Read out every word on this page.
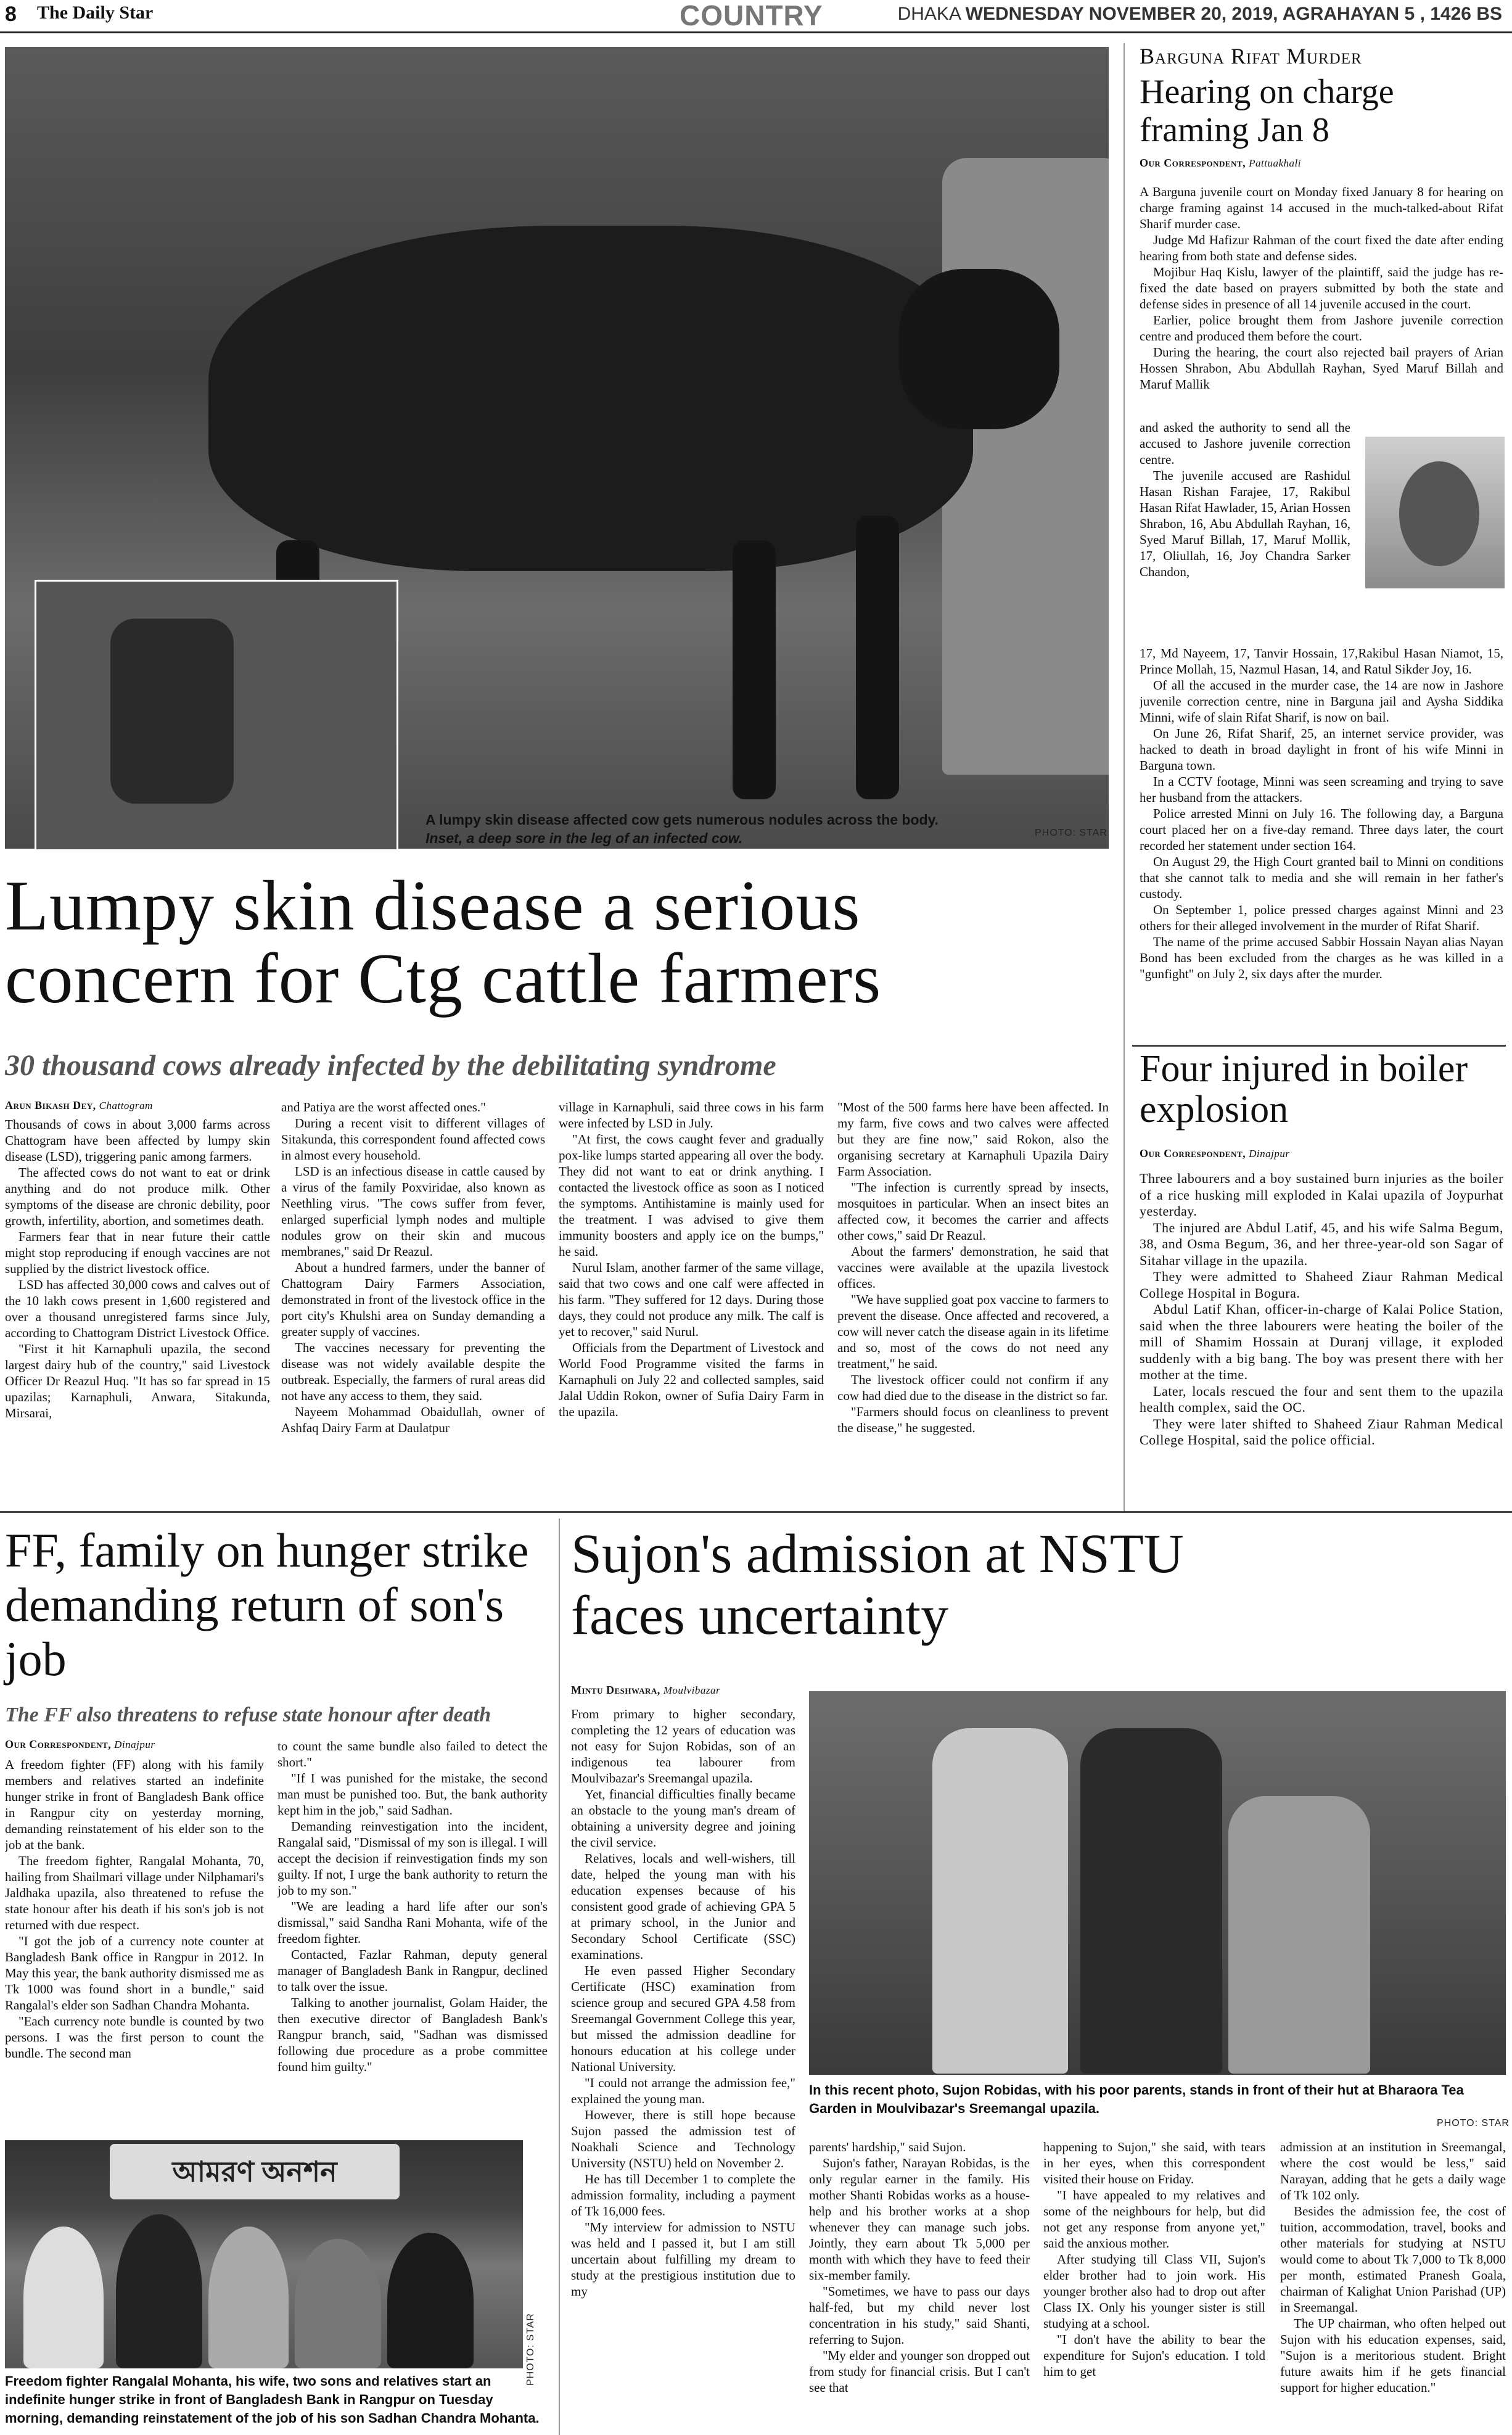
8 The Daily Star	COUNTRY	DHAKA WEDNESDAY NOVEMBER 20, 2019, AGRAHAYAN 5 , 1426 BS
A lumpy skin disease affected cow gets numerous nodules across the body.
Inset, a deep sore in the leg of an infected cow.	PHOTO: STAR
Lumpy skin disease a serious
concern for Ctg cattle farmers
30 thousand cows already infected by the debilitating syndrome
Arun Bikash Dey, Chattogram

Thousands of cows in about 3,000 farms across Chattogram have been affected by lumpy skin disease (LSD), triggering panic among farmers.

The affected cows do not want to eat or drink anything and do not produce milk. Other symptoms of the disease are chronic debility, poor growth, infertility, abortion, and sometimes death.

Farmers fear that in near future their cattle might stop reproducing if enough vaccines are not supplied by the district livestock office.

LSD has affected 30,000 cows and calves out of the 10 lakh cows present in 1,600 registered and over a thousand unregistered farms since July, according to Chattogram District Livestock Office.

"First it hit Karnaphuli upazila, the second largest dairy hub of the country," said Livestock Officer Dr Reazul Huq. "It has so far spread in 15 upazilas; Karnaphuli, Anwara, Sitakunda, Mirsarai,

and Patiya are the worst affected ones."

During a recent visit to different villages of Sitakunda, this correspondent found affected cows in almost every household.

LSD is an infectious disease in cattle caused by a virus of the family Poxviridae, also known as Neethling virus. "The cows suffer from fever, enlarged superficial lymph nodes and multiple nodules grow on their skin and mucous membranes," said Dr Reazul.

About a hundred farmers, under the banner of Chattogram Dairy Farmers Association, demonstrated in front of the livestock office in the port city's Khulshi area on Sunday demanding a greater supply of vaccines.

The vaccines necessary for preventing the disease was not widely available despite the outbreak. Especially, the farmers of rural areas did not have any access to them, they said.

Nayeem Mohammad Obaidullah, owner of Ashfaq Dairy Farm at Daulatpur

village in Karnaphuli, said three cows in his farm were infected by LSD in July.

"At first, the cows caught fever and gradually pox-like lumps started appearing all over the body. They did not want to eat or drink anything. I contacted the livestock office as soon as I noticed the symptoms. Antihistamine is mainly used for the treatment. I was advised to give them immunity boosters and apply ice on the bumps," he said.

Nurul Islam, another farmer of the same village, said that two cows and one calf were affected in his farm. "They suffered for 12 days. During those days, they could not produce any milk. The calf is yet to recover," said Nurul.

Officials from the Department of Livestock and World Food Programme visited the farms in Karnaphuli on July 22 and collected samples, said Jalal Uddin Rokon, owner of Sufia Dairy Farm in the upazila.

"Most of the 500 farms here have been affected. In my farm, five cows and two calves were affected but they are fine now," said Rokon, also the organising secretary at Karnaphuli Upazila Dairy Farm Association.

"The infection is currently spread by insects, mosquitoes in particular. When an insect bites an affected cow, it becomes the carrier and affects other cows," said Dr Reazul.

About the farmers' demonstration, he said that vaccines were available at the upazila livestock offices.

"We have supplied goat pox vaccine to farmers to prevent the disease. Once affected and recovered, a cow will never catch the disease again in its lifetime and so, most of the cows do not need any treatment," he said.

The livestock officer could not confirm if any cow had died due to the disease in the district so far.

"Farmers should focus on cleanliness to prevent the disease," he suggested.

Barguna Rifat Murder
Hearing on charge framing Jan 8
Our Correspondent, Pattuakhali

A Barguna juvenile court on Monday fixed January 8 for hearing on charge framing against 14 accused in the much-talked-about Rifat Sharif murder case.

Judge Md Hafizur Rahman of the court fixed the date after ending hearing from both state and defense sides.

Mojibur Haq Kislu, lawyer of the plaintiff, said the judge has re-fixed the date based on prayers submitted by both the state and defense sides in presence of all 14 juvenile accused in the court.

Earlier, police brought them from Jashore juvenile correction centre and produced them before the court.

During the hearing, the court also rejected bail prayers of Arian Hossen Shrabon, Abu Abdullah Rayhan, Syed Maruf Billah and Maruf Mallik

and asked the authority to send all the accused to Jashore juvenile correction centre.

The juvenile accused are Rashidul Hasan Rishan Farajee, 17, Rakibul Hasan Rifat Hawlader, 15, Arian Hossen Shrabon, 16, Abu Abdullah Rayhan, 16, Syed Maruf Billah, 17, Maruf Mollik, 17, Oliullah, 16, Joy Chandra Sarker Chandon,

17, Md Nayeem, 17, Tanvir Hossain, 17,Rakibul Hasan Niamot, 15, Prince Mollah, 15, Nazmul Hasan, 14, and Ratul Sikder Joy, 16.

Of all the accused in the murder case, the 14 are now in Jashore juvenile correction centre, nine in Barguna jail and Aysha Siddika Minni, wife of slain Rifat Sharif, is now on bail.

On June 26, Rifat Sharif, 25, an internet service provider, was hacked to death in broad daylight in front of his wife Minni in Barguna town.

In a CCTV footage, Minni was seen screaming and trying to save her husband from the attackers.

Police arrested Minni on July 16. The following day, a Barguna court placed her on a five-day remand. Three days later, the court recorded her statement under section 164.

On August 29, the High Court granted bail to Minni on conditions that she cannot talk to media and she will remain in her father's custody.

On September 1, police pressed charges against Minni and 23 others for their alleged involvement in the murder of Rifat Sharif.

The name of the prime accused Sabbir Hossain Nayan alias Nayan Bond has been excluded from the charges as he was killed in a "gunfight" on July 2, six days after the murder.

Four injured in boiler explosion
Our Correspondent, Dinajpur

Three labourers and a boy sustained burn injuries as the boiler of a rice husking mill exploded in Kalai upazila of Joypurhat yesterday.

The injured are Abdul Latif, 45, and his wife Salma Begum, 38, and Osma Begum, 36, and her three-year-old son Sagar of Sitahar village in the upazila.

They were admitted to Shaheed Ziaur Rahman Medical College Hospital in Bogura.

Abdul Latif Khan, officer-in-charge of Kalai Police Station, said when the three labourers were heating the boiler of the mill of Shamim Hossain at Duranj village, it exploded suddenly with a big bang. The boy was present there with her mother at the time.

Later, locals rescued the four and sent them to the upazila health complex, said the OC.

They were later shifted to Shaheed Ziaur Rahman Medical College Hospital, said the police official.

FF, family on hunger strike demanding return of son's job
The FF also threatens to refuse state honour after death
Our Correspondent, Dinajpur

A freedom fighter (FF) along with his family members and relatives started an indefinite hunger strike in front of Bangladesh Bank office in Rangpur city on yesterday morning, demanding reinstatement of his elder son to the job at the bank.

The freedom fighter, Rangalal Mohanta, 70, hailing from Shailmari village under Nilphamari's Jaldhaka upazila, also threatened to refuse the state honour after his death if his son's job is not returned with due respect.

"I got the job of a currency note counter at Bangladesh Bank office in Rangpur in 2012. In May this year, the bank authority dismissed me as Tk 1000 was found short in a bundle," said Rangalal's elder son Sadhan Chandra Mohanta.

"Each currency note bundle is counted by two persons. I was the first person to count the bundle. The second man

to count the same bundle also failed to detect the short."

"If I was punished for the mistake, the second man must be punished too. But, the bank authority kept him in the job," said Sadhan.

Demanding reinvestigation into the incident, Rangalal said, "Dismissal of my son is illegal. I will accept the decision if reinvestigation finds my son guilty. If not, I urge the bank authority to return the job to my son."

"We are leading a hard life after our son's dismissal," said Sandha Rani Mohanta, wife of the freedom fighter.

Contacted, Fazlar Rahman, deputy general manager of Bangladesh Bank in Rangpur, declined to talk over the issue.

Talking to another journalist, Golam Haider, the then executive director of Bangladesh Bank's Rangpur branch, said, "Sadhan was dismissed following due procedure as a probe committee found him guilty."

আমরণ অনশন
PHOTO: STAR
Freedom fighter Rangalal Mohanta, his wife, two sons and relatives start an indefinite hunger strike in front of Bangladesh Bank in Rangpur on Tuesday morning, demanding reinstatement of the job of his son Sadhan Chandra Mohanta.
Sujon's admission at NSTU
faces uncertainty
Mintu Deshwara, Moulvibazar

From primary to higher secondary, completing the 12 years of education was not easy for Sujon Robidas, son of an indigenous tea labourer from Moulvibazar's Sreemangal upazila.

Yet, financial difficulties finally became an obstacle to the young man's dream of obtaining a university degree and joining the civil service.

Relatives, locals and well-wishers, till date, helped the young man with his education expenses because of his consistent good grade of achieving GPA 5 at primary school, in the Junior and Secondary School Certificate (SSC) examinations.

He even passed Higher Secondary Certificate (HSC) examination from science group and secured GPA 4.58 from Sreemangal Government College this year, but missed the admission deadline for honours education at his college under National University.

"I could not arrange the admission fee," explained the young man.

However, there is still hope because Sujon passed the admission test of Noakhali Science and Technology University (NSTU) held on November 2.

He has till December 1 to complete the admission formality, including a payment of Tk 16,000 fees.

"My interview for admission to NSTU was held and I passed it, but I am still uncertain about fulfilling my dream to study at the prestigious institution due to my

In this recent photo, Sujon Robidas, with his poor parents, stands in front of their hut at Bharaora Tea Garden in Moulvibazar's Sreemangal upazila.
PHOTO: STAR

parents' hardship," said Sujon.

Sujon's father, Narayan Robidas, is the only regular earner in the family. His mother Shanti Robidas works as a house-help and his brother works at a shop whenever they can manage such jobs. Jointly, they earn about Tk 5,000 per month with which they have to feed their six-member family.

"Sometimes, we have to pass our days half-fed, but my child never lost concentration in his study," said Shanti, referring to Sujon.

"My elder and younger son dropped out from study for financial crisis. But I can't see that

happening to Sujon," she said, with tears in her eyes, when this correspondent visited their house on Friday.

"I have appealed to my relatives and some of the neighbours for help, but did not get any response from anyone yet," said the anxious mother.

After studying till Class VII, Sujon's elder brother had to join work. His younger brother also had to drop out after Class IX. Only his younger sister is still studying at a school.

"I don't have the ability to bear the expenditure for Sujon's education. I told him to get

admission at an institution in Sreemangal, where the cost would be less," said Narayan, adding that he gets a daily wage of Tk 102 only.

Besides the admission fee, the cost of tuition, accommodation, travel, books and other materials for studying at NSTU would come to about Tk 7,000 to Tk 8,000 per month, estimated Pranesh Goala, chairman of Kalighat Union Parishad (UP) in Sreemangal.

The UP chairman, who often helped out Sujon with his education expenses, said, "Sujon is a meritorious student. Bright future awaits him if he gets financial support for higher education."
